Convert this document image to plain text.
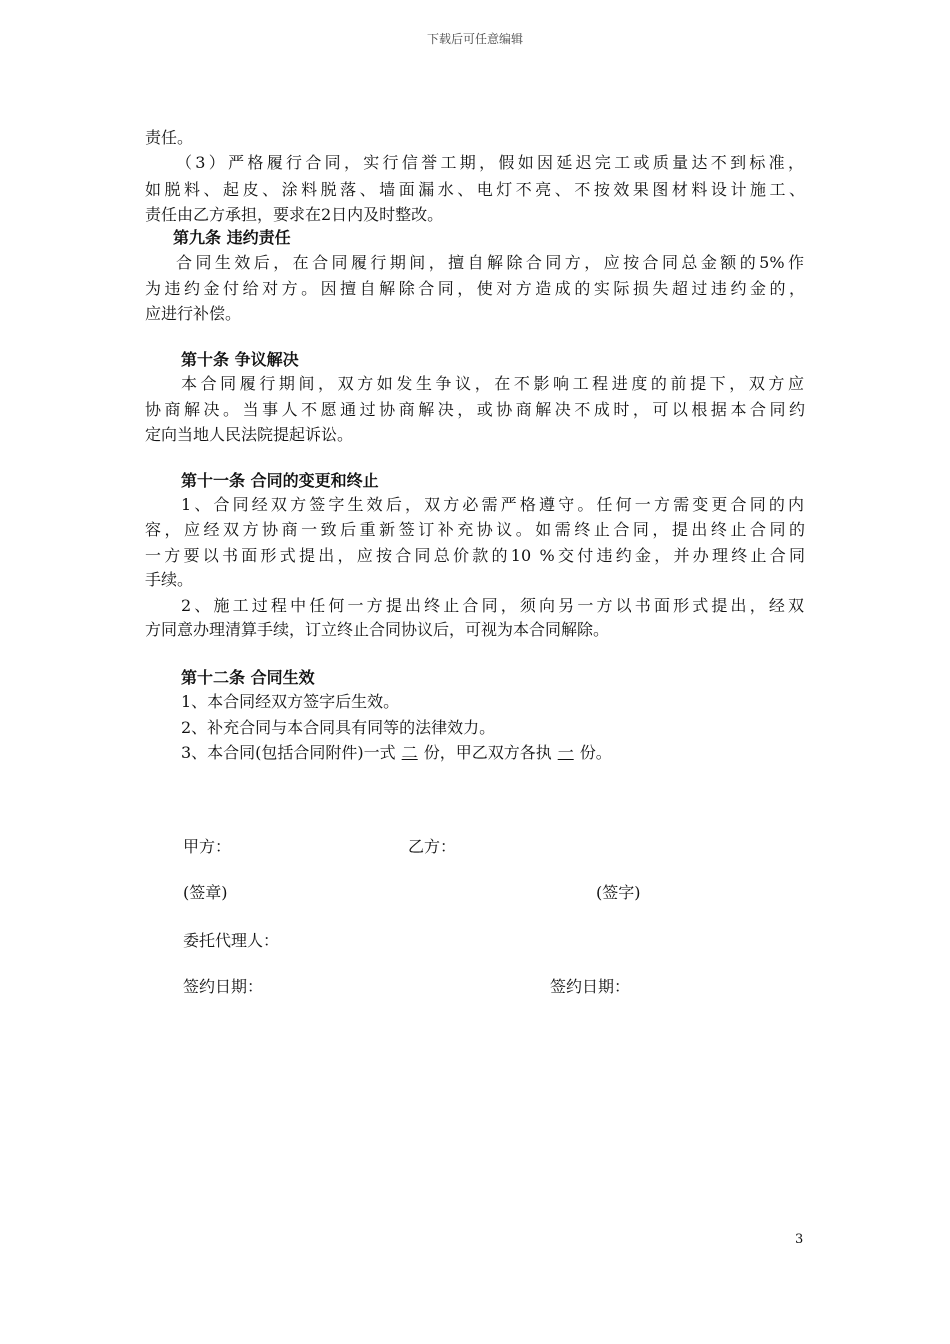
下载后可任意编辑
责任。
（3）严格履行合同，实行信誉工期，假如因延迟完工或质量达不到标准，
如脱料、起皮、涂料脱落、墙面漏水、电灯不亮、不按效果图材料设计施工、
责任由乙方承担，要求在2日内及时整改。
第九条 违约责任
合同生效后，在合同履行期间，擅自解除合同方，应按合同总金额的5%作
为违约金付给对方。因擅自解除合同，使对方造成的实际损失超过违约金的，
应进行补偿。
第十条 争议解决
本合同履行期间，双方如发生争议，在不影响工程进度的前提下，双方应
协商解决。当事人不愿通过协商解决，或协商解决不成时，可以根据本合同约
定向当地人民法院提起诉讼。
第十一条 合同的变更和终止
1、合同经双方签字生效后，双方必需严格遵守。任何一方需变更合同的内
容，应经双方协商一致后重新签订补充协议。如需终止合同，提出终止合同的
一方要以书面形式提出，应按合同总价款的10 %交付违约金，并办理终止合同
手续。
2、施工过程中任何一方提出终止合同，须向另一方以书面形式提出，经双
方同意办理清算手续，订立终止合同协议后，可视为本合同解除。
第十二条 合同生效
1、本合同经双方签字后生效。
2、补充合同与本合同具有同等的法律效力。
3、本合同(包括合同附件)一式 二 份，甲乙双方各执 一 份。
甲方：	乙方：
(签章)	(签字)
委托代理人：
签约日期：	签约日期：
3
